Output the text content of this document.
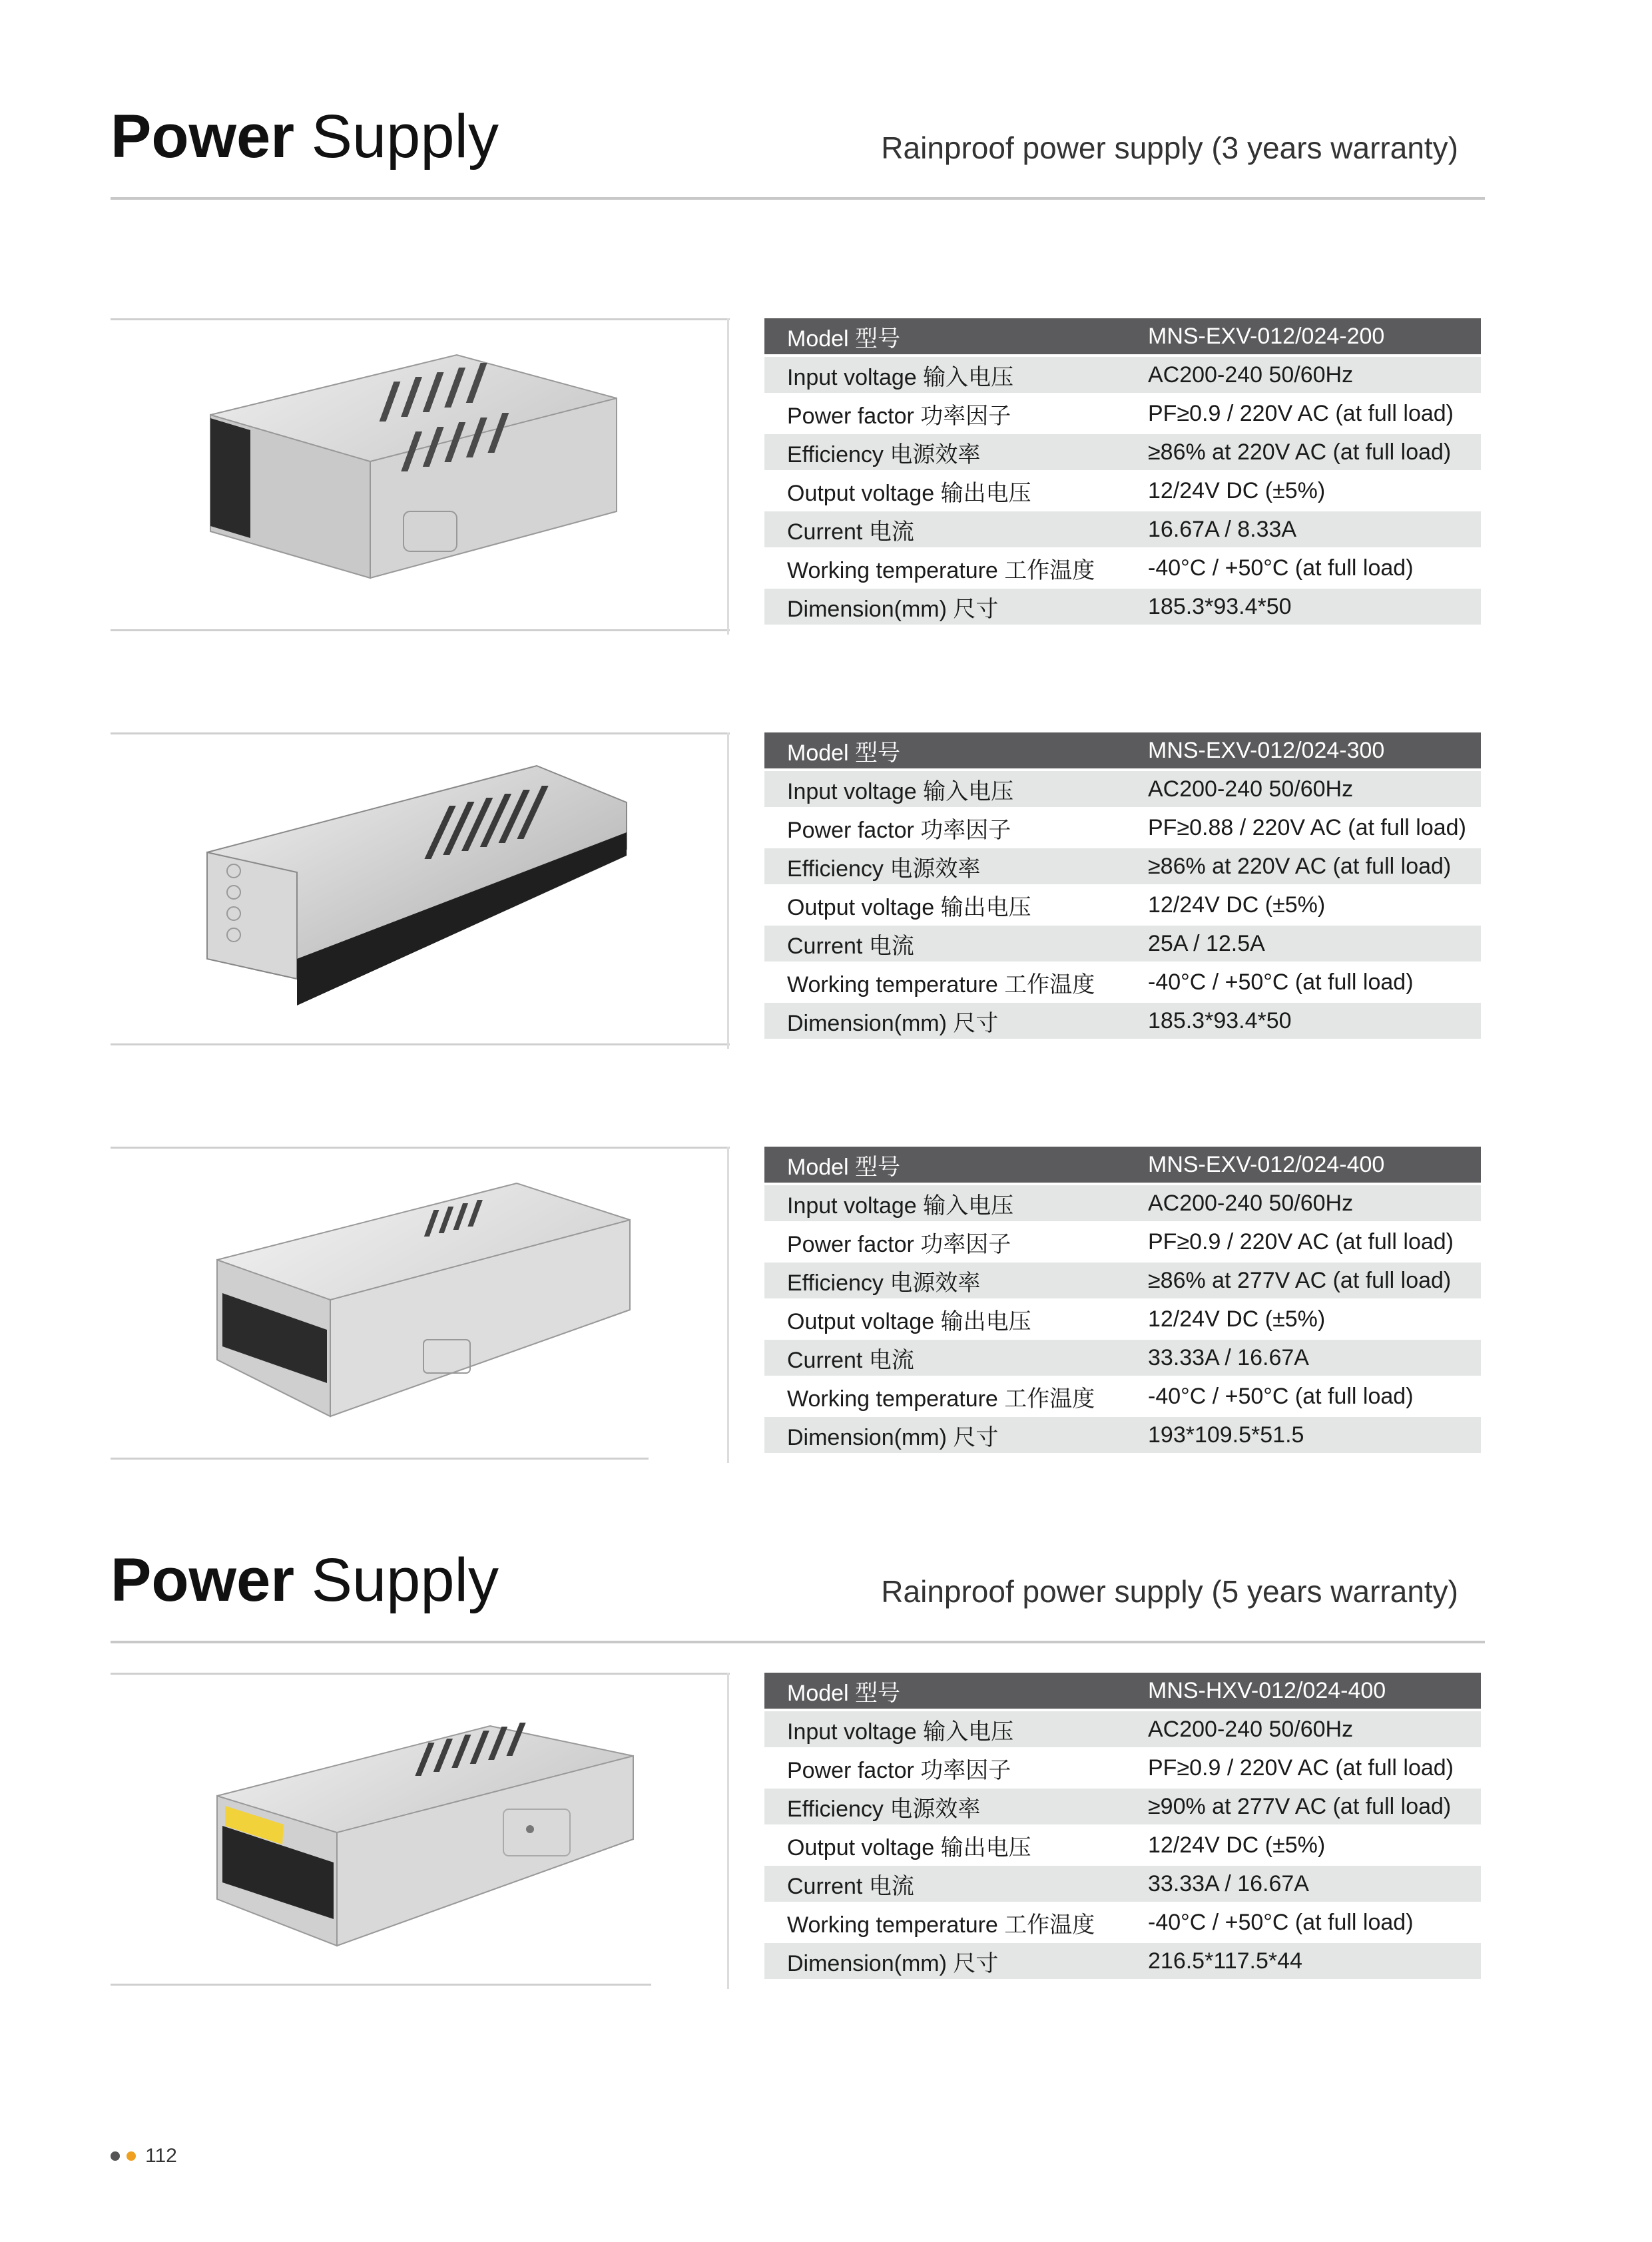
Power Supply	Rainproof power supply (3 years warranty)
Model 型号	MNS-EXV-012/024-200
Input voltage 输入电压	AC200-240 50/60Hz
Power factor 功率因子	PF≥0.9 / 220V AC (at full load)
Efficiency 电源效率	≥86% at 220V AC (at full load)
Output voltage 输出电压	12/24V DC (±5%)
Current 电流	16.67A / 8.33A
Working temperature 工作温度	-40°C / +50°C (at full load)
Dimension(mm) 尺寸	185.3*93.4*50
Model 型号	MNS-EXV-012/024-300
Input voltage 输入电压	AC200-240 50/60Hz
Power factor 功率因子	PF≥0.88 / 220V AC (at full load)
Efficiency 电源效率	≥86% at 220V AC (at full load)
Output voltage 输出电压	12/24V DC (±5%)
Current 电流	25A / 12.5A
Working temperature 工作温度	-40°C / +50°C (at full load)
Dimension(mm) 尺寸	185.3*93.4*50
Model 型号	MNS-EXV-012/024-400
Input voltage 输入电压	AC200-240 50/60Hz
Power factor 功率因子	PF≥0.9 / 220V AC (at full load)
Efficiency 电源效率	≥86% at 277V AC (at full load)
Output voltage 输出电压	12/24V DC (±5%)
Current 电流	33.33A / 16.67A
Working temperature 工作温度	-40°C / +50°C (at full load)
Dimension(mm) 尺寸	193*109.5*51.5
Power Supply	Rainproof power supply (5 years warranty)
Model 型号	MNS-HXV-012/024-400
Input voltage 输入电压	AC200-240 50/60Hz
Power factor 功率因子	PF≥0.9 / 220V AC (at full load)
Efficiency 电源效率	≥90% at 277V AC (at full load)
Output voltage 输出电压	12/24V DC (±5%)
Current 电流	33.33A / 16.67A
Working temperature 工作温度	-40°C / +50°C (at full load)
Dimension(mm) 尺寸	216.5*117.5*44
112
